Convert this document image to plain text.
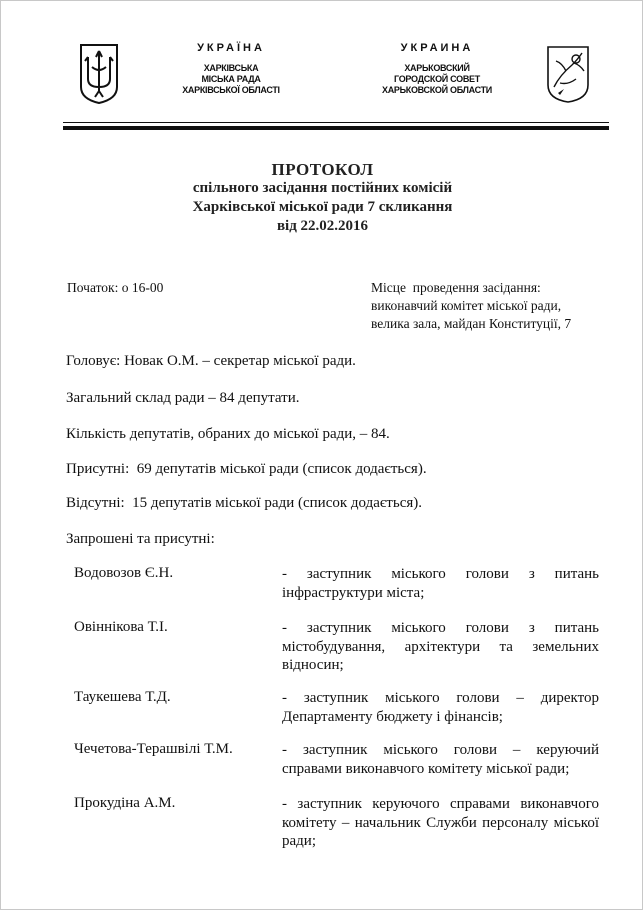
УКРАЇНА
ХАРКІВСЬКА
МІСЬКА РАДА
ХАРКІВСЬКОЇ ОБЛАСТІ
УКРАИНА
ХАРЬКОВСКИЙ
ГОРОДСКОЙ СОВЕТ
ХАРЬКОВСКОЙ ОБЛАСТИ
ПРОТОКОЛ
спільного засідання постійних комісій
Харківської міської ради 7 скликання
від 22.02.2016
Початок: о 16-00	Місце  проведення засідання:
виконавчий комітет міської ради,
велика зала, майдан Конституції, 7
Головує: Новак О.М. – секретар міської ради.
Загальний склад ради – 84 депутати.
Кількість депутатів, обраних до міської ради, – 84.
Присутні:  69 депутатів міської ради (список додається).
Відсутні:  15 депутатів міської ради (список додається).
Запрошені та присутні:
Водовозов Є.Н.	- заступник міського голови з питань інфраструктури міста;
Овіннікова Т.І.	- заступник міського голови з питань містобудування, архітектури та земельних відносин;
Таукешева Т.Д.	- заступник міського голови – директор Департаменту бюджету і фінансів;
Чечетова-Терашвілі Т.М.	- заступник міського голови – керуючий справами виконавчого комітету міської ради;
Прокудіна А.М.	- заступник керуючого справами виконавчого комітету – начальник Служби персоналу міської ради;
